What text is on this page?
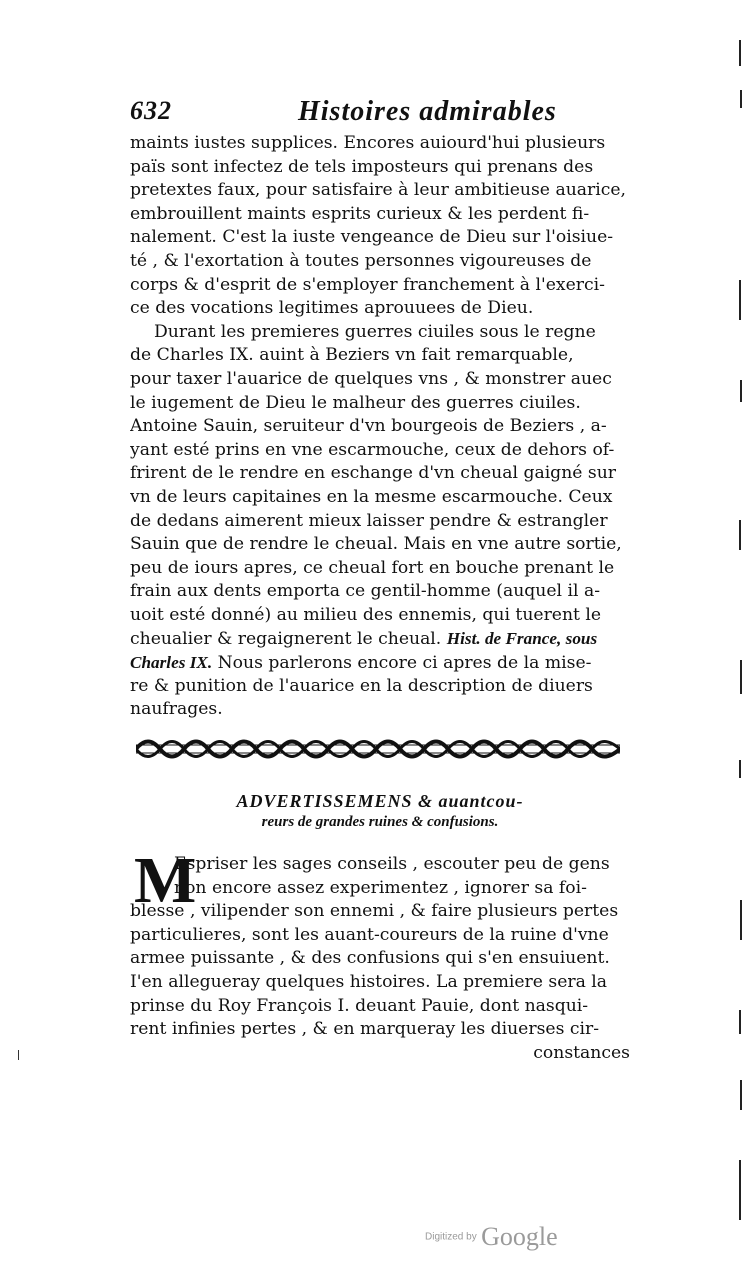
632	Histoires admirables
maints iustes supplices. Encores auiourd'hui plusieurs
païs sont infectez de tels imposteurs qui prenans des
pretextes faux, pour satisfaire à leur ambitieuse auarice,
embrouillent maints esprits curieux & les perdent fi-
nalement. C'est la iuste vengeance de Dieu sur l'oisiue-
té , & l'exortation à toutes personnes vigoureuses de
corps & d'esprit de s'employer franchement à l'exerci-
ce des vocations legitimes aprouuees de Dieu.
Durant les premieres guerres ciuiles sous le regne
de Charles IX. auint à Beziers vn fait remarquable,
pour taxer l'auarice de quelques vns , & monstrer auec
le iugement de Dieu le malheur des guerres ciuiles.
Antoine Sauin, seruiteur d'vn bourgeois de Beziers , a-
yant esté prins en vne escarmouche, ceux de dehors of-
frirent de le rendre en eschange d'vn cheual gaigné sur
vn de leurs capitaines en la mesme escarmouche. Ceux
de dedans aimerent mieux laisser pendre & estrangler
Sauin que de rendre le cheual. Mais en vne autre sortie,
peu de iours apres, ce cheual fort en bouche prenant le
frain aux dents emporta ce gentil-homme (auquel il a-
uoit esté donné) au milieu des ennemis, qui tuerent le
cheualier & regaignerent le cheual. Hist. de France, sous
Charles IX. Nous parlerons encore ci apres de la mise-
re & punition de l'auarice en la description de diuers
naufrages.
ADVERTISSEMENS & auantcou-
reurs de grandes ruines & confusions.
M
Espriser les sages conseils , escouter peu de gens
non encore assez experimentez , ignorer sa foi-
blesse , vilipender son ennemi , & faire plusieurs pertes
particulieres, sont les auant-coureurs de la ruine d'vne
armee puissante , & des confusions qui s'en ensuiuent.
I'en allegueray quelques histoires. La premiere sera la
prinse du Roy François I. deuant Pauie, dont nasqui-
rent infinies pertes , & en marqueray les diuerses cir-
constances
Digitized by Google
